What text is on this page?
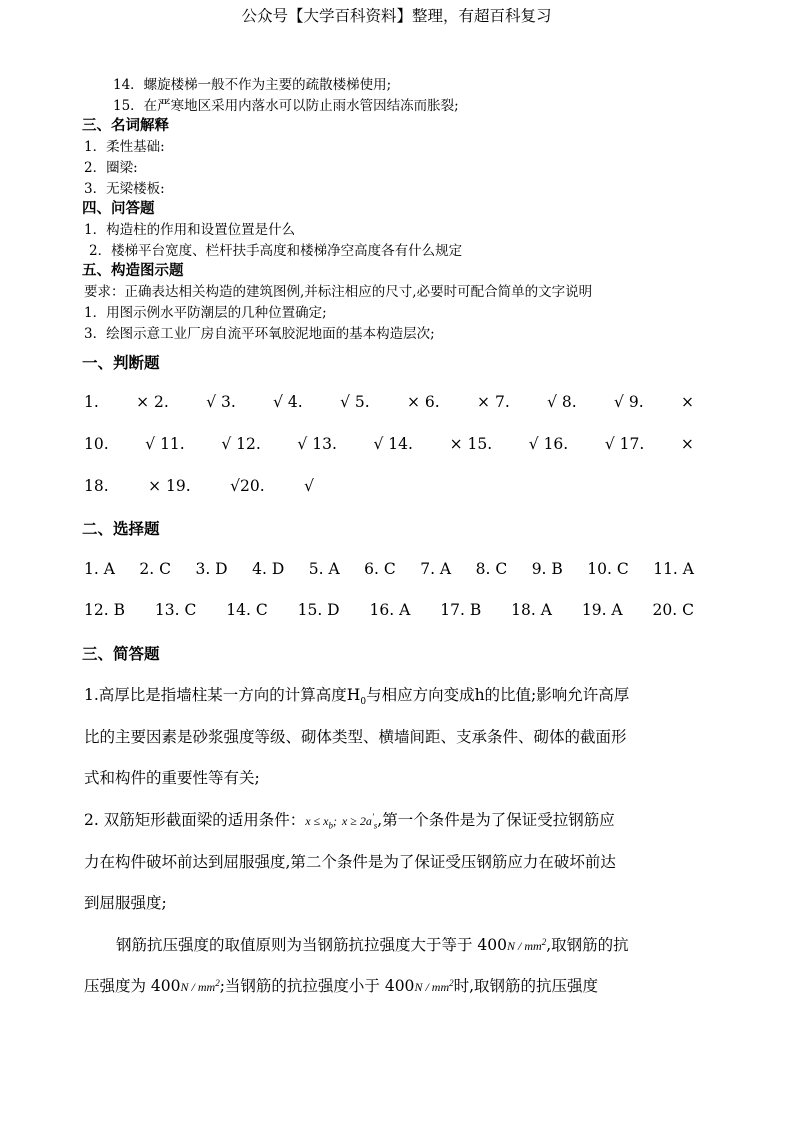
公众号【大学百科资料】整理，有超百科复习
14．螺旋楼梯一般不作为主要的疏散楼梯使用;
15．在严寒地区采用内落水可以防止雨水管因结冻而胀裂;
三、名词解释
1．柔性基础:
2．圈梁:
3．无梁楼板:
四、问答题
1．构造柱的作用和设置位置是什么
2．楼梯平台宽度、栏杆扶手高度和楼梯净空高度各有什么规定
五、构造图示题
要求：正确表达相关构造的建筑图例,并标注相应的尺寸,必要时可配合简单的文字说明
1．用图示例水平防潮层的几种位置确定;
3．绘图示意工业厂房自流平环氧胶泥地面的基本构造层次;
一、判断题
1. × 2. √ 3. √ 4. √ 5. × 6. × 7. √ 8. √ 9. ×
10. √ 11. √ 12. √ 13. √ 14. × 15. √ 16. √ 17. ×
18.	× 19.	√20.	√
二、选择题
1. A 2. C 3. D 4. D 5. A 6. C 7. A 8. C 9. B 10. C 11. A
12. B 13. C 14. C 15. D 16. A 17. B 18. A 19. A 20. C
三、简答题
1.高厚比是指墙柱某一方向的计算高度$H_0$与相应方向变成h的比值;影响允许高厚
比的主要因素是砂浆强度等级、砌体类型、横墙间距、支承条件、砌体的截面形
式和构件的重要性等有关;
2. 双筋矩形截面梁的适用条件：$x \le x_b$; $x \ge 2a'_s$,第一个条件是为了保证受拉钢筋应
力在构件破坏前达到屈服强度,第二个条件是为了保证受压钢筋应力在破坏前达
到屈服强度;
钢筋抗压强度的取值原则为当钢筋抗拉强度大于等于 $400N / mm^2$,取钢筋的抗
压强度为 $400N / mm^2$;当钢筋的抗拉强度小于 $400N / mm^2$时,取钢筋的抗压强度
